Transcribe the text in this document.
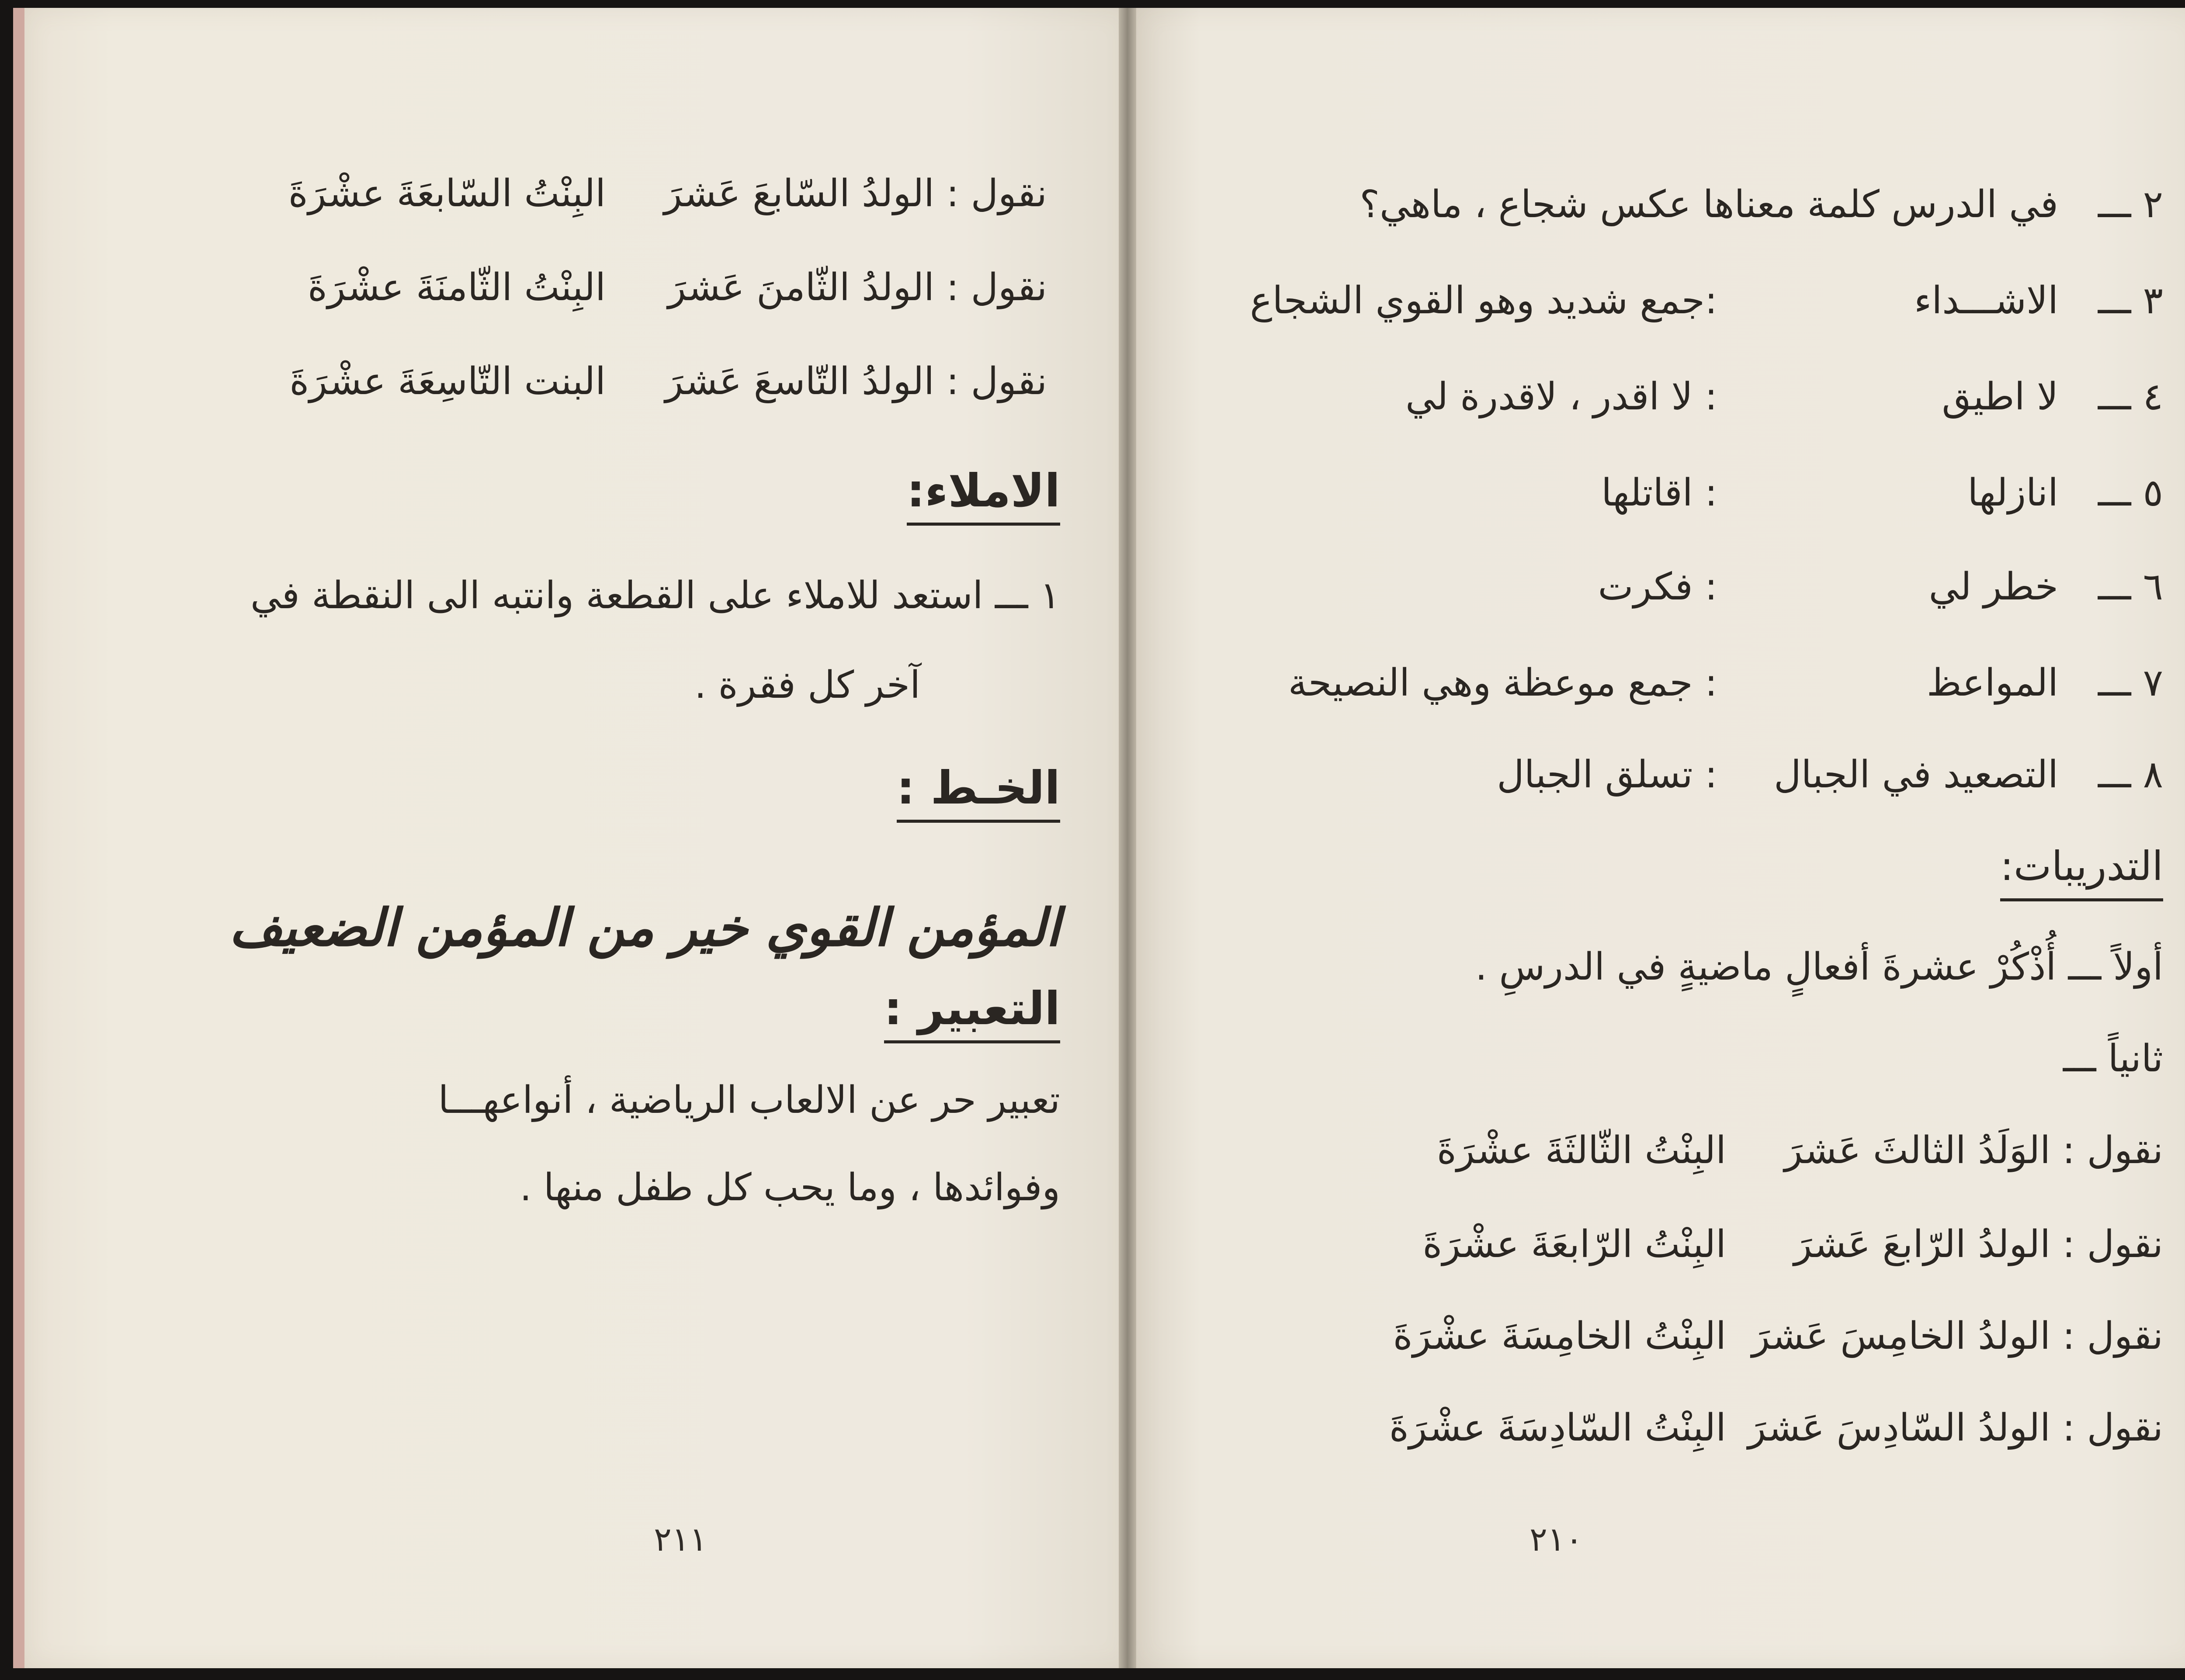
نقول : الولدُ السّابعَ عَشرَ
البِنْتُ السّابعَةَ عشْرَةَ
نقول : الولدُ الثّامنَ عَشرَ
البِنْتُ الثّامنَةَ عشْرَةَ
نقول : الولدُ التّاسعَ عَشرَ
البنت التّاسِعَةَ عشْرَةَ
الاملاء:
١ ـــ استعد للاملاء على القطعة وانتبه الى النقطة في
آخر كل فقرة .
الخـط :
المؤمن القوي خير من المؤمن الضعيف
التعبير :
تعبير حر عن الالعاب الرياضية ، أنواعهـــا
وفوائدها ، وما يحب كل طفل منها .
٢١١
٢ ـــ
في الدرس كلمة معناها عكس شجاع ، ماهي؟
٣ ـــ
الاشـــداء
:جمع شديد وهو القوي الشجاع
٤ ـــ
لا اطيق
: لا اقدر ، لاقدرة لي
٥ ـــ
انازلها
: اقاتلها
٦ ـــ
خطر لي
: فكرت
٧ ـــ
المواعظ
: جمع موعظة وهي النصيحة
٨ ـــ
التصعيد في الجبال
: تسلق الجبال
التدريبات:
أولاً ـــ أُذْكُرْ عشرةَ أفعالٍ ماضيةٍ في الدرسِ .
ثانياً ـــ
نقول : الوَلَدُ الثالثَ عَشرَ
البِنْتُ الثّالثَةَ عشْرَةَ
نقول : الولدُ الرّابعَ عَشرَ
البِنْتُ الرّابعَةَ عشْرَةَ
نقول : الولدُ الخامِسَ عَشرَ
البِنْتُ الخامِسَةَ عشْرَةَ
نقول : الولدُ السّادِسَ عَشرَ
البِنْتُ السّادِسَةَ عشْرَةَ
٢١٠
